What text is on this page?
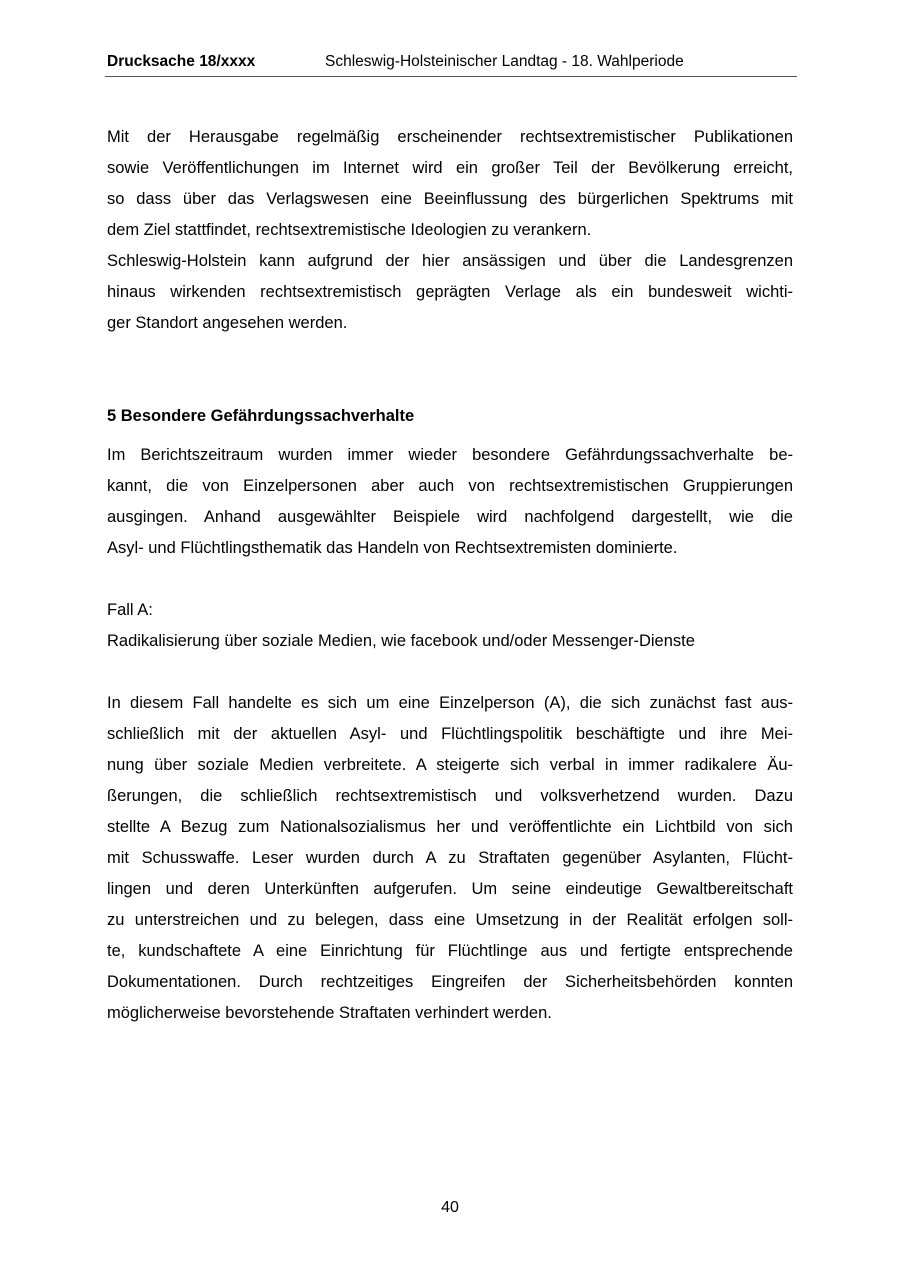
Drucksache 18/xxxx	Schleswig-Holsteinischer Landtag - 18. Wahlperiode
Mit der Herausgabe regelmäßig erscheinender rechtsextremistischer Publikationen
sowie Veröffentlichungen im Internet wird ein großer Teil der Bevölkerung erreicht,
so dass über das Verlagswesen eine Beeinflussung des bürgerlichen Spektrums mit
dem Ziel stattfindet, rechtsextremistische Ideologien zu verankern.
Schleswig-Holstein kann aufgrund der hier ansässigen und über die Landesgrenzen
hinaus wirkenden rechtsextremistisch geprägten Verlage als ein bundesweit wichti-
ger Standort angesehen werden.
5 Besondere Gefährdungssachverhalte
Im Berichtszeitraum wurden immer wieder besondere Gefährdungssachverhalte be-
kannt, die von Einzelpersonen aber auch von rechtsextremistischen Gruppierungen
ausgingen. Anhand ausgewählter Beispiele wird nachfolgend dargestellt, wie die
Asyl- und Flüchtlingsthematik das Handeln von Rechtsextremisten dominierte.
Fall A:
Radikalisierung über soziale Medien, wie facebook und/oder Messenger-Dienste
In diesem Fall handelte es sich um eine Einzelperson (A), die sich zunächst fast aus-
schließlich mit der aktuellen Asyl- und Flüchtlingspolitik beschäftigte und ihre Mei-
nung über soziale Medien verbreitete. A steigerte sich verbal in immer radikalere Äu-
ßerungen, die schließlich rechtsextremistisch und volksverhetzend wurden. Dazu
stellte A Bezug zum Nationalsozialismus her und veröffentlichte ein Lichtbild von sich
mit Schusswaffe. Leser wurden durch A zu Straftaten gegenüber Asylanten, Flücht-
lingen und deren Unterkünften aufgerufen. Um seine eindeutige Gewaltbereitschaft
zu unterstreichen und zu belegen, dass eine Umsetzung in der Realität erfolgen soll-
te, kundschaftete A eine Einrichtung für Flüchtlinge aus und fertigte entsprechende
Dokumentationen. Durch rechtzeitiges Eingreifen der Sicherheitsbehörden konnten
möglicherweise bevorstehende Straftaten verhindert werden.
40
